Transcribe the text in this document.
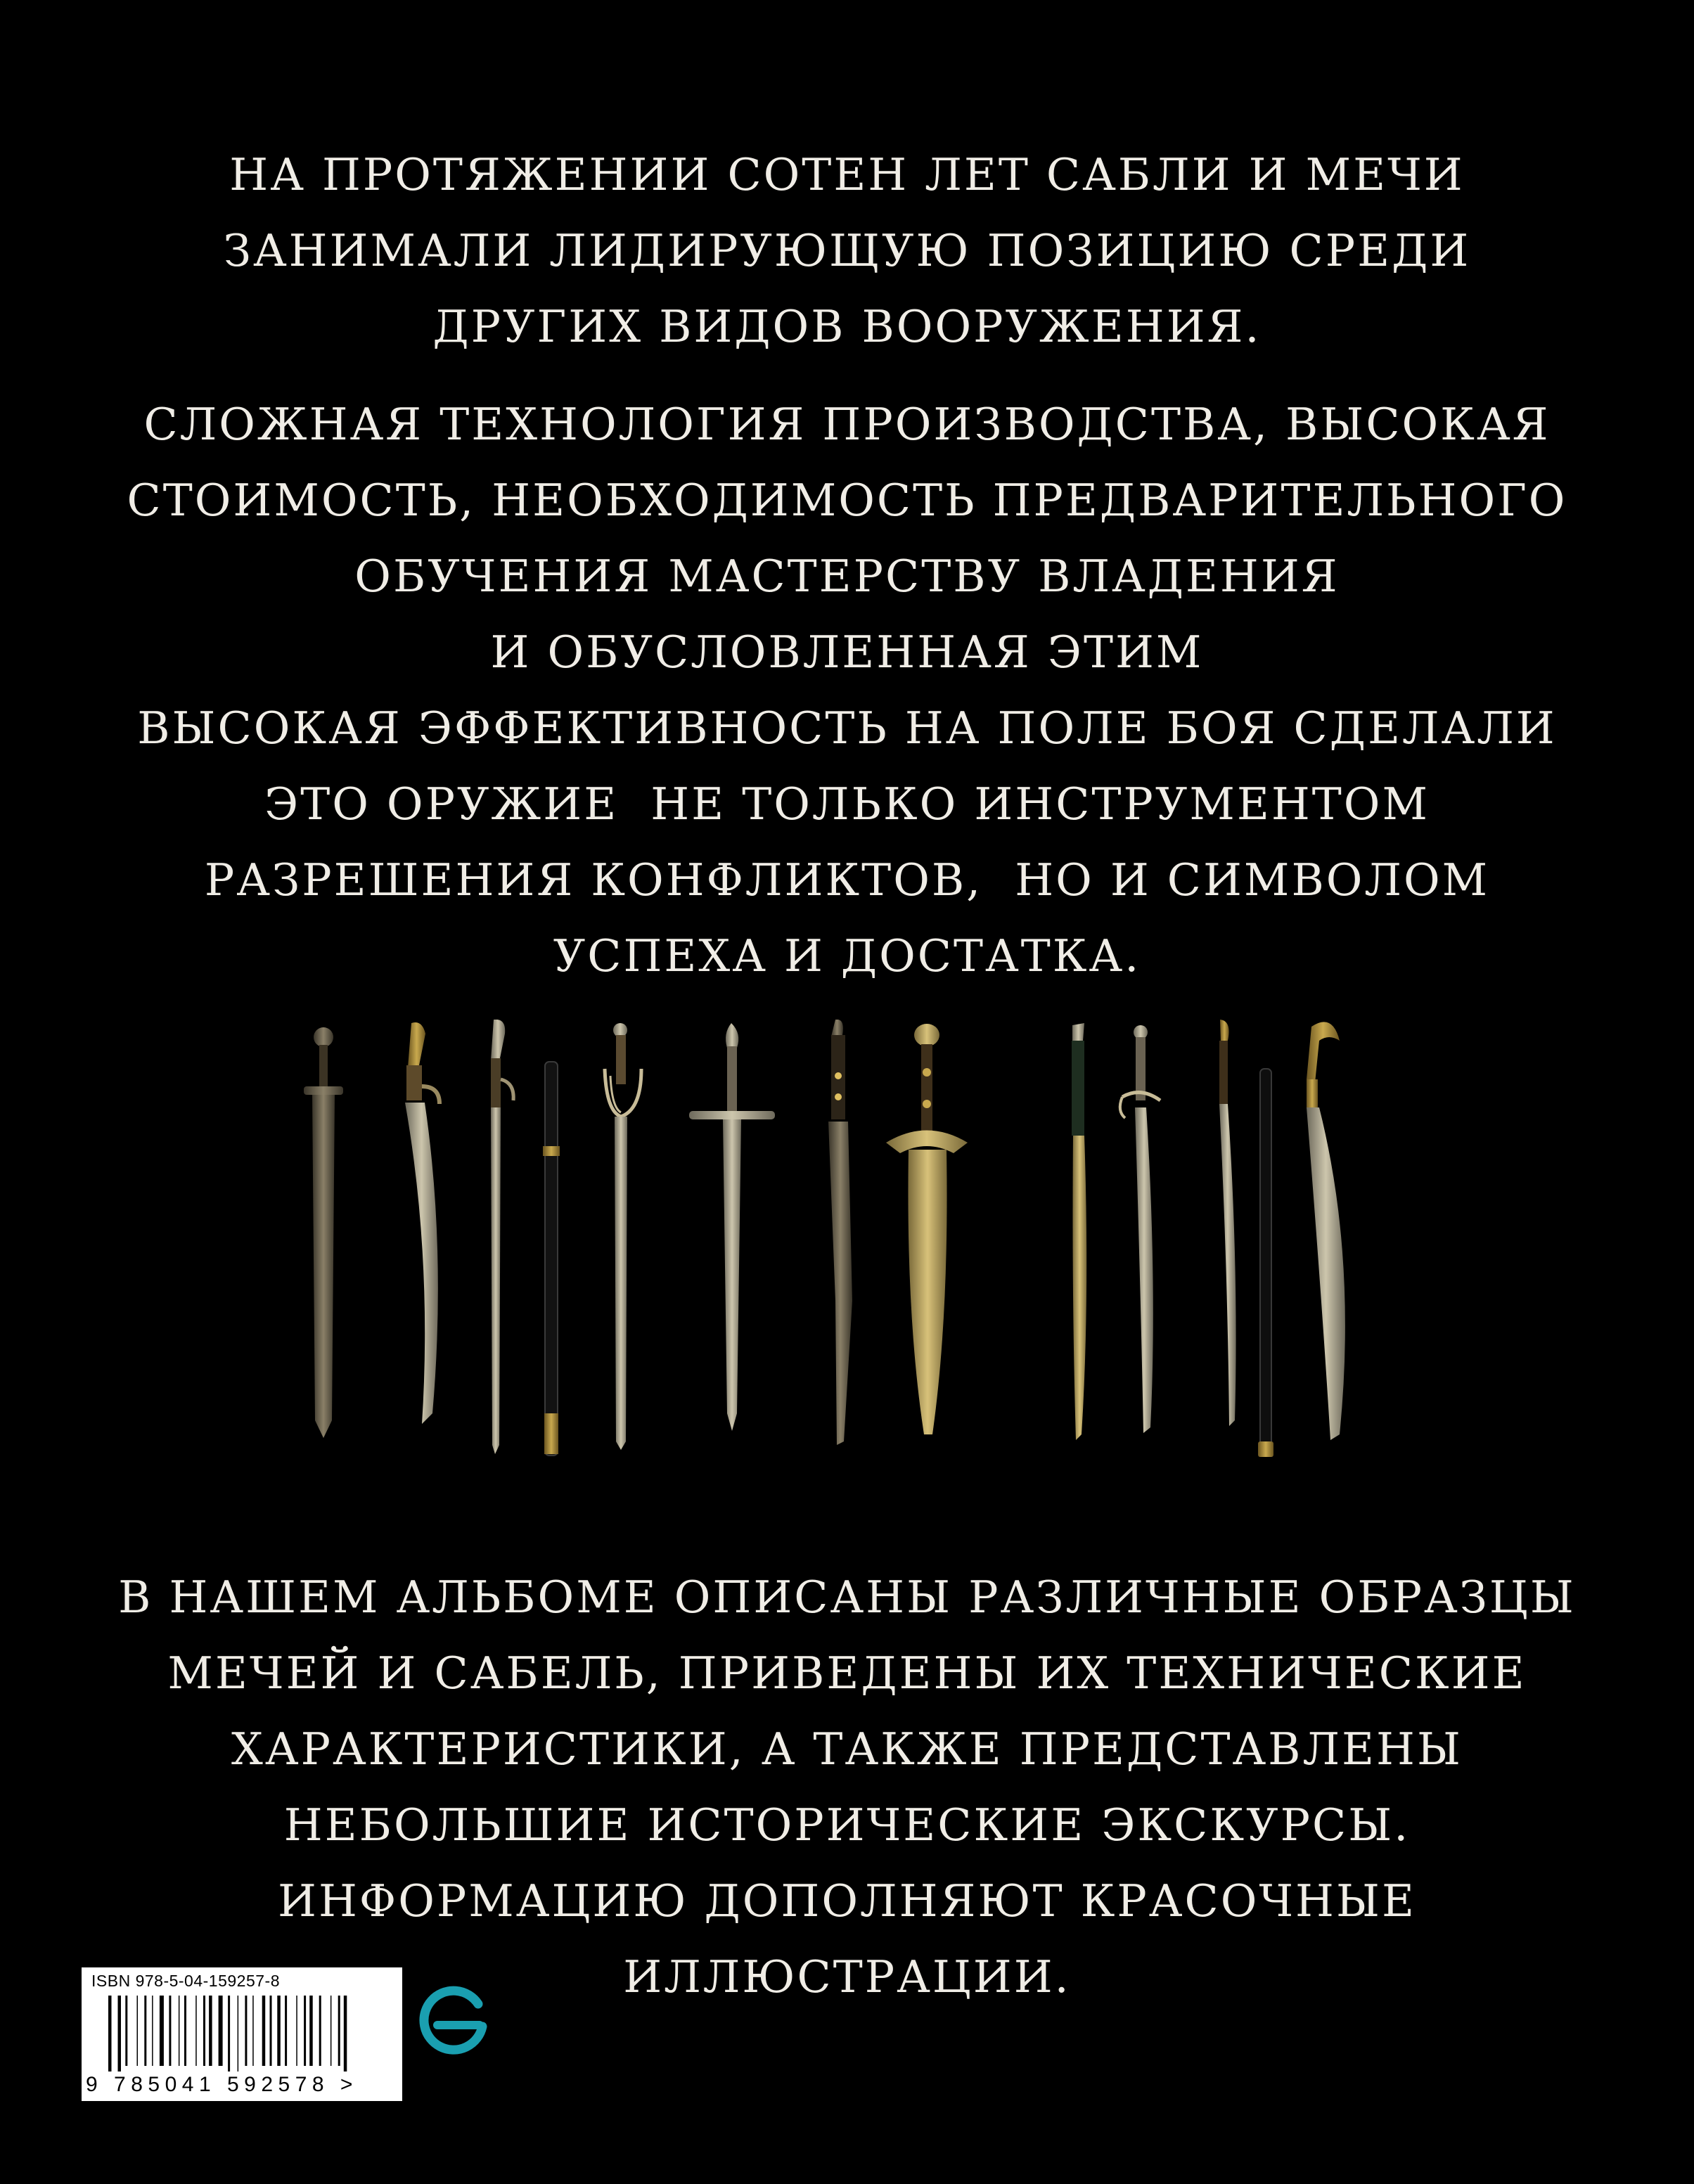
НА ПРОТЯЖЕНИИ СОТЕН ЛЕТ САБЛИ И МЕЧИ
ЗАНИМАЛИ ЛИДИРУЮЩУЮ ПОЗИЦИЮ СРЕДИ
ДРУГИХ ВИДОВ ВООРУЖЕНИЯ.
СЛОЖНАЯ ТЕХНОЛОГИЯ ПРОИЗВОДСТВА, ВЫСОКАЯ
СТОИМОСТЬ, НЕОБХОДИМОСТЬ ПРЕДВАРИТЕЛЬНОГО
ОБУЧЕНИЯ МАСТЕРСТВУ ВЛАДЕНИЯ
И ОБУСЛОВЛЕННАЯ ЭТИМ
ВЫСОКАЯ ЭФФЕКТИВНОСТЬ НА ПОЛЕ БОЯ СДЕЛАЛИ
ЭТО ОРУЖИЕ  НЕ ТОЛЬКО ИНСТРУМЕНТОМ
РАЗРЕШЕНИЯ КОНФЛИКТОВ,  НО И СИМВОЛОМ
УСПЕХА И ДОСТАТКА.
В НАШЕМ АЛЬБОМЕ ОПИСАНЫ РАЗЛИЧНЫЕ ОБРАЗЦЫ
МЕЧЕЙ И САБЕЛЬ, ПРИВЕДЕНЫ ИХ ТЕХНИЧЕСКИЕ
ХАРАКТЕРИСТИКИ, А ТАКЖЕ ПРЕДСТАВЛЕНЫ
НЕБОЛЬШИЕ ИСТОРИЧЕСКИЕ ЭКСКУРСЫ.
ИНФОРМАЦИЮ ДОПОЛНЯЮТ КРАСОЧНЫЕ
ИЛЛЮСТРАЦИИ.
ISBN 978-5-04-159257-8
9 785041 592578 >
